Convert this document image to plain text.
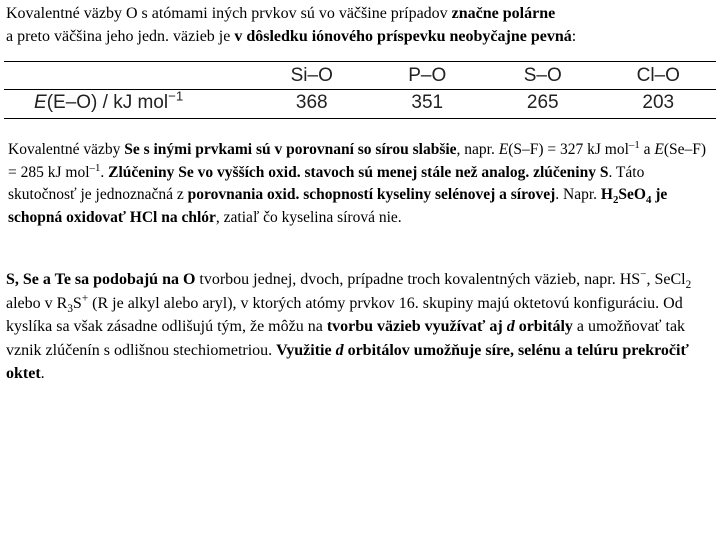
Kovalentné väzby O s atómami iných prvkov sú vo väčšine prípadov značne polárne
a preto väčšina jeho jedn. väzieb je v dôsledku iónového príspevku neobyčajne pevná:
	Si–O	P–O	S–O	Cl–O
E(E–O) / kJ mol$^{-1}$	368	351	265	203
Kovalentné väzby Se s inými prvkami sú v porovnaní so sírou slabšie, napr. E(S–F) = 327 kJ mol$^{-1}$ a E(Se–F) = 285 kJ mol$^{-1}$. Zlúčeniny Se vo vyšších oxid. stavoch sú menej stále než analog. zlúčeniny S. Táto skutočnosť je jednoznačná z porovnania oxid. schopností kyseliny selénovej a sírovej. Napr. $H_2SeO_4$ je schopná oxidovať HCl na chlór, zatiaľ čo kyselina sírová nie.
S, Se a Te sa podobajú na O tvorbou jednej, dvoch, prípadne troch kovalentných väzieb, napr. HS−, SeCl$_2$ alebo v $R_3S^+$ (R je alkyl alebo aryl), v ktorých atómy prvkov 16. skupiny majú oktetovú konfiguráciu. Od kyslíka sa však zásadne odlišujú tým, že môžu na tvorbu väzieb využívať aj d orbitály a umožňovať tak vznik zlúčenín s odlišnou stechiometriou. Využitie d orbitálov umožňuje síre, selénu a telúru prekročiť oktet.
